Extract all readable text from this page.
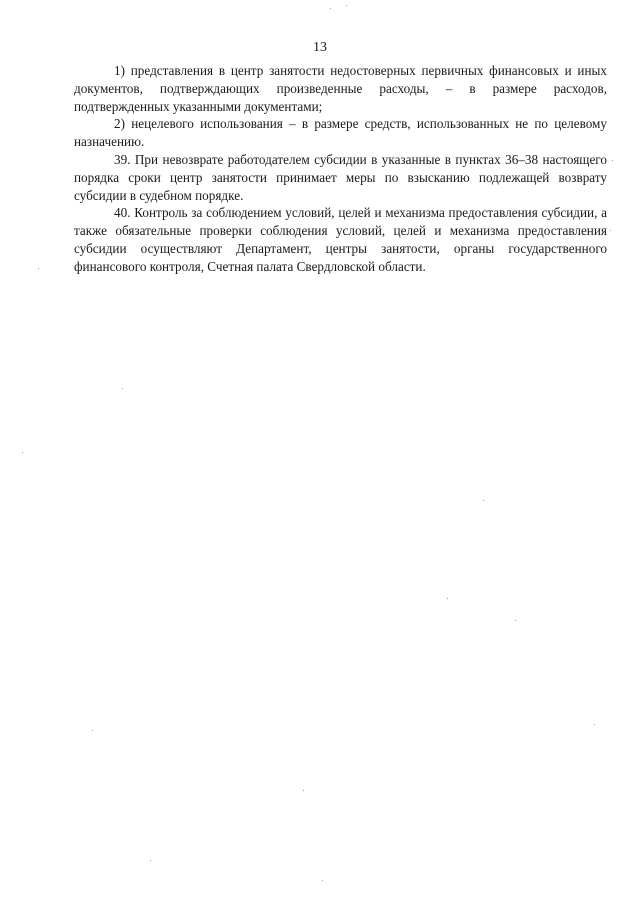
13

1) представления в центр занятости недостоверных первичных финансовых и иных документов, подтверждающих произведенные расходы, – в размере расходов, подтвержденных указанными документами;

2) нецелевого использования – в размере средств, использованных не по целевому назначению.

39. При невозврате работодателем субсидии в указанные в пунктах 36–38 настоящего порядка сроки центр занятости принимает меры по взысканию подлежащей возврату субсидии в судебном порядке.

40. Контроль за соблюдением условий, целей и механизма предоставления субсидии, а также обязательные проверки соблюдения условий, целей и механизма предоставления субсидии осуществляют Департамент, центры занятости, органы государственного финансового контроля, Счетная палата Свердловской области.
